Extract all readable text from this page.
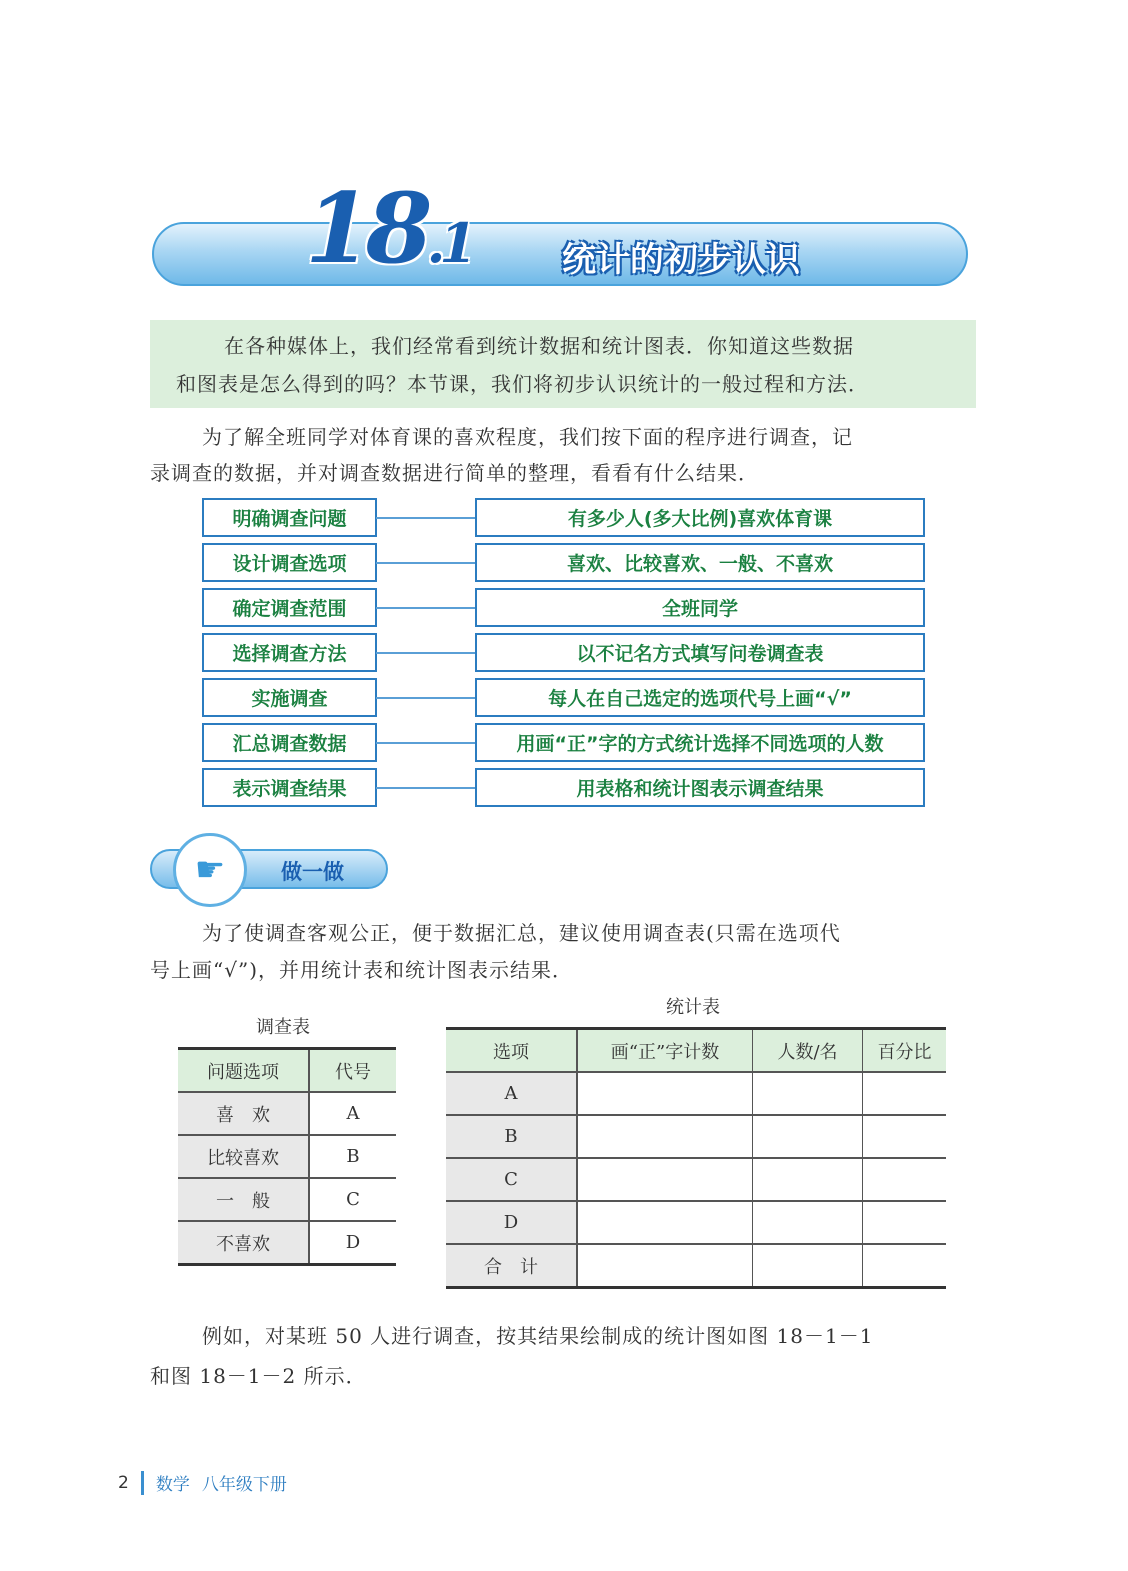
18.1	统计的初步认识
在各种媒体上，我们经常看到统计数据和统计图表．你知道这些数据
和图表是怎么得到的吗？本节课，我们将初步认识统计的一般过程和方法．
为了解全班同学对体育课的喜欢程度，我们按下面的程序进行调查，记
录调查的数据，并对调查数据进行简单的整理，看看有什么结果．
明确调查问题	有多少人(多大比例)喜欢体育课
设计调查选项	喜欢、比较喜欢、一般、不喜欢
确定调查范围	全班同学
选择调查方法	以不记名方式填写问卷调查表
实施调查	每人在自己选定的选项代号上画“√”
汇总调查数据	用画“正”字的方式统计选择不同选项的人数
表示调查结果	用表格和统计图表示调查结果
☛	做一做
为了使调查客观公正，便于数据汇总，建议使用调查表(只需在选项代
号上画“√”)，并用统计表和统计图表示结果．
调查表
问题选项	代号
喜　欢	A
比较喜欢	B
一　般	C
不喜欢	D
统计表
选项	画“正”字计数	人数/名	百分比
A			
B			
C			
D			
合　计			
例如，对某班 50 人进行调查，按其结果绘制成的统计图如图 18－1－1
和图 18－1－2 所示．
2 数学 八年级下册
